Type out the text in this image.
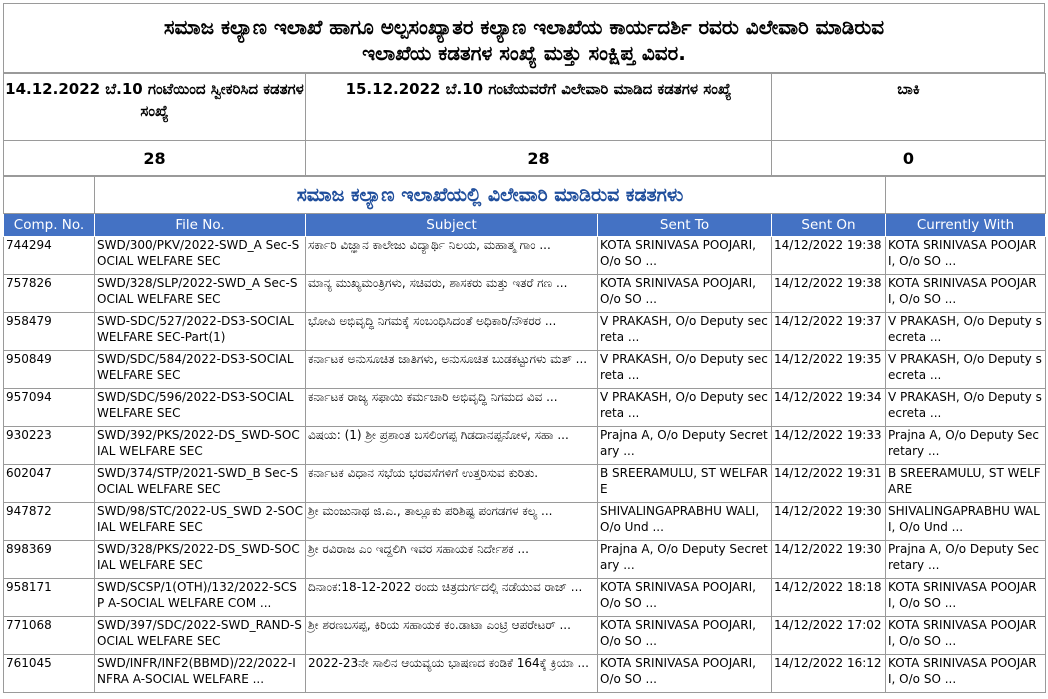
ಸಮಾಜ ಕಲ್ಯಾಣ ಇಲಾಖೆ ಹಾಗೂ ಅಲ್ಪಸಂಖ್ಯಾತರ ಕಲ್ಯಾಣ ಇಲಾಖೆಯ ಕಾರ್ಯದರ್ಶಿ ರವರು ವಿಲೇವಾರಿ ಮಾಡಿರುವ
ಇಲಾಖೆಯ ಕಡತಗಳ ಸಂಖ್ಯೆ ಮತ್ತು ಸಂಕ್ಷಿಪ್ತ ವಿವರ.
14.12.2022 ಬೆ.10 ಗಂಟೆಯಿಂದ ಸ್ವೀಕರಿಸಿದ ಕಡತಗಳ ಸಂಖ್ಯೆ	15.12.2022 ಬೆ.10 ಗಂಟೆಯವರೆಗೆ ವಿಲೇವಾರಿ ಮಾಡಿದ ಕಡತಗಳ ಸಂಖ್ಯೆ	ಬಾಕಿ
28	28	0
	ಸಮಾಜ ಕಲ್ಯಾಣ ಇಲಾಖೆಯಲ್ಲಿ ವಿಲೇವಾರಿ ಮಾಡಿರುವ ಕಡತಗಳು				
Comp. No.	File No.	Subject	Sent To	Sent On	Currently With
744294	SWD/300/PKV/2022-SWD_A Sec-SOCIAL WELFARE SEC	ಸರ್ಕಾರಿ ವಿಜ್ಞಾನ ಕಾಲೇಜು ವಿದ್ಯಾರ್ಥಿ ನಿಲಯ, ಮಹಾತ್ಮ ಗಾಂ ...	KOTA SRINIVASA POOJARI, O/o SO ...	14/12/2022 19:38	KOTA SRINIVASA POOJARI, O/o SO ...
757826	SWD/328/SLP/2022-SWD_A Sec-SOCIAL WELFARE SEC	ಮಾನ್ಯ ಮುಖ್ಯಮಂತ್ರಿಗಳು, ಸಚಿವರು, ಶಾಸಕರು ಮತ್ತು ಇತರೆ ಗಣ ...	KOTA SRINIVASA POOJARI, O/o SO ...	14/12/2022 19:38	KOTA SRINIVASA POOJARI, O/o SO ...
958479	SWD-SDC/527/2022-DS3-SOCIAL WELFARE SEC-Part(1)	ಭೋವಿ ಅಭಿವೃದ್ಧಿ ನಿಗಮಕ್ಕೆ ಸಂಬಂಧಿಸಿದಂತೆ ಅಧಿಕಾರಿ/ನೌಕರರ ...	V PRAKASH, O/o Deputy secreta ...	14/12/2022 19:37	V PRAKASH, O/o Deputy secreta ...
950849	SWD/SDC/584/2022-DS3-SOCIAL WELFARE SEC	ಕರ್ನಾಟಕ ಅನುಸೂಚಿತ ಜಾತಿಗಳು, ಅನುಸೂಚಿತ ಬುಡಕಟ್ಟುಗಳು ಮತ್ ...	V PRAKASH, O/o Deputy secreta ...	14/12/2022 19:35	V PRAKASH, O/o Deputy secreta ...
957094	SWD/SDC/596/2022-DS3-SOCIAL WELFARE SEC	ಕರ್ನಾಟಕ ರಾಜ್ಯ ಸಫಾಯಿ ಕರ್ಮಚಾರಿ ಅಭಿವೃದ್ಧಿ ನಿಗಮದ ವಿವ ...	V PRAKASH, O/o Deputy secreta ...	14/12/2022 19:34	V PRAKASH, O/o Deputy secreta ...
930223	SWD/392/PKS/2022-DS_SWD-SOCIAL WELFARE SEC	ವಿಷಯ: (1) ಶ್ರೀ ಪ್ರಶಾಂತ ಬಸಲಿಂಗಪ್ಪ ಗಿಡದಾನಪ್ಪನೋಳ, ಸಹಾ ...	Prajna A, O/o Deputy Secretary ...	14/12/2022 19:33	Prajna A, O/o Deputy Secretary ...
602047	SWD/374/STP/2021-SWD_B Sec-SOCIAL WELFARE SEC	ಕರ್ನಾಟಕ ವಿಧಾನ ಸಭೆಯ ಭರವಸೆಗಳಿಗೆ ಉತ್ತರಿಸುವ ಕುರಿತು.	B SREERAMULU, ST WELFARE	14/12/2022 19:31	B SREERAMULU, ST WELFARE
947872	SWD/98/STC/2022-US_SWD 2-SOCIAL WELFARE SEC	ಶ್ರೀ ಮಂಜುನಾಥ ಜಿ.ಎ., ತಾಲ್ಲೂಕು ಪರಿಶಿಷ್ಟ ಪಂಗಡಗಳ ಕಲ್ಯ ...	SHIVALINGAPRABHU WALI, O/o Und ...	14/12/2022 19:30	SHIVALINGAPRABHU WALI, O/o Und ...
898369	SWD/328/PKS/2022-DS_SWD-SOCIAL WELFARE SEC	ಶ್ರೀ ರವಿರಾಜ ಎಂ ಇದ್ದಲಿಗಿ ಇವರ ಸಹಾಯಕ ನಿರ್ದೇಶಕ ...	Prajna A, O/o Deputy Secretary ...	14/12/2022 19:30	Prajna A, O/o Deputy Secretary ...
958171	SWD/SCSP/1(OTH)/132/2022-SCSP A-SOCIAL WELFARE COM ...	ದಿನಾಂಕ:18-12-2022 ರಂದು ಚಿತ್ರದುರ್ಗದಲ್ಲಿ ನಡೆಯುವ ರಾಜ್ ...	KOTA SRINIVASA POOJARI, O/o SO ...	14/12/2022 18:18	KOTA SRINIVASA POOJARI, O/o SO ...
771068	SWD/397/SDC/2022-SWD_RAND-SOCIAL WELFARE SEC	ಶ್ರೀ ಶರಣಬಸಪ್ಪ, ಕಿರಿಯ ಸಹಾಯಕ ಕಂ.ಡಾಟಾ ಎಂಟ್ರಿ ಆಪರೇಟರ್ ...	KOTA SRINIVASA POOJARI, O/o SO ...	14/12/2022 17:02	KOTA SRINIVASA POOJARI, O/o SO ...
761045	SWD/INFR/INF2(BBMD)/22/2022-INFRA A-SOCIAL WELFARE ...	2022-23ನೇ ಸಾಲಿನ ಆಯವ್ಯಯ ಭಾಷಣದ ಕಂಡಿಕೆ 164ಕ್ಕೆ ಕ್ರಿಯಾ ...	KOTA SRINIVASA POOJARI, O/o SO ...	14/12/2022 16:12	KOTA SRINIVASA POOJARI, O/o SO ...
